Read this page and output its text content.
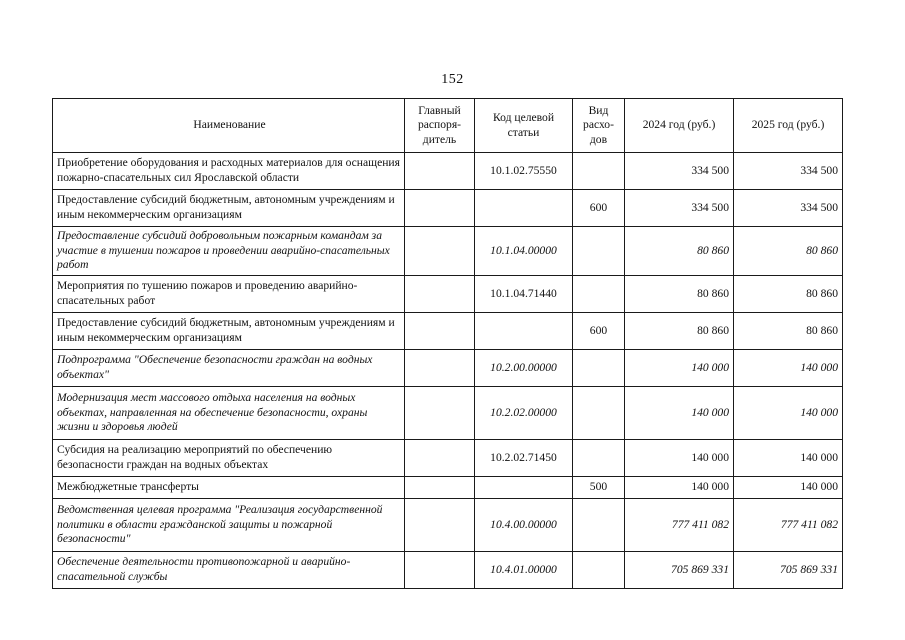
152
Наименование	Главный распоря-дитель	Код целевой статьи	Вид расхо-дов	2024 год (руб.)	2025 год (руб.)
Приобретение оборудования и расходных материалов для оснащения пожарно-спасательных сил Ярославской области		10.1.02.75550		334 500	334 500
Предоставление субсидий бюджетным, автономным учреждениям и иным некоммерческим организациям			600	334 500	334 500
Предоставление субсидий добровольным пожарным командам за участие в тушении пожаров и проведении аварийно-спасательных работ		10.1.04.00000		80 860	80 860
Мероприятия по тушению пожаров и проведению аварийно-спасательных работ		10.1.04.71440		80 860	80 860
Предоставление субсидий бюджетным, автономным учреждениям и иным некоммерческим организациям			600	80 860	80 860
Подпрограмма "Обеспечение безопасности граждан на водных объектах"		10.2.00.00000		140 000	140 000
Модернизация мест массового отдыха населения на водных объектах, направленная на обеспечение безопасности, охраны жизни и здоровья людей		10.2.02.00000		140 000	140 000
Субсидия на реализацию мероприятий по обеспечению безопасности граждан на водных объектах		10.2.02.71450		140 000	140 000
Межбюджетные трансферты			500	140 000	140 000
Ведомственная целевая программа "Реализация государственной политики в области гражданской защиты и пожарной безопасности"		10.4.00.00000		777 411 082	777 411 082
Обеспечение деятельности противопожарной и аварийно-спасательной службы		10.4.01.00000		705 869 331	705 869 331
